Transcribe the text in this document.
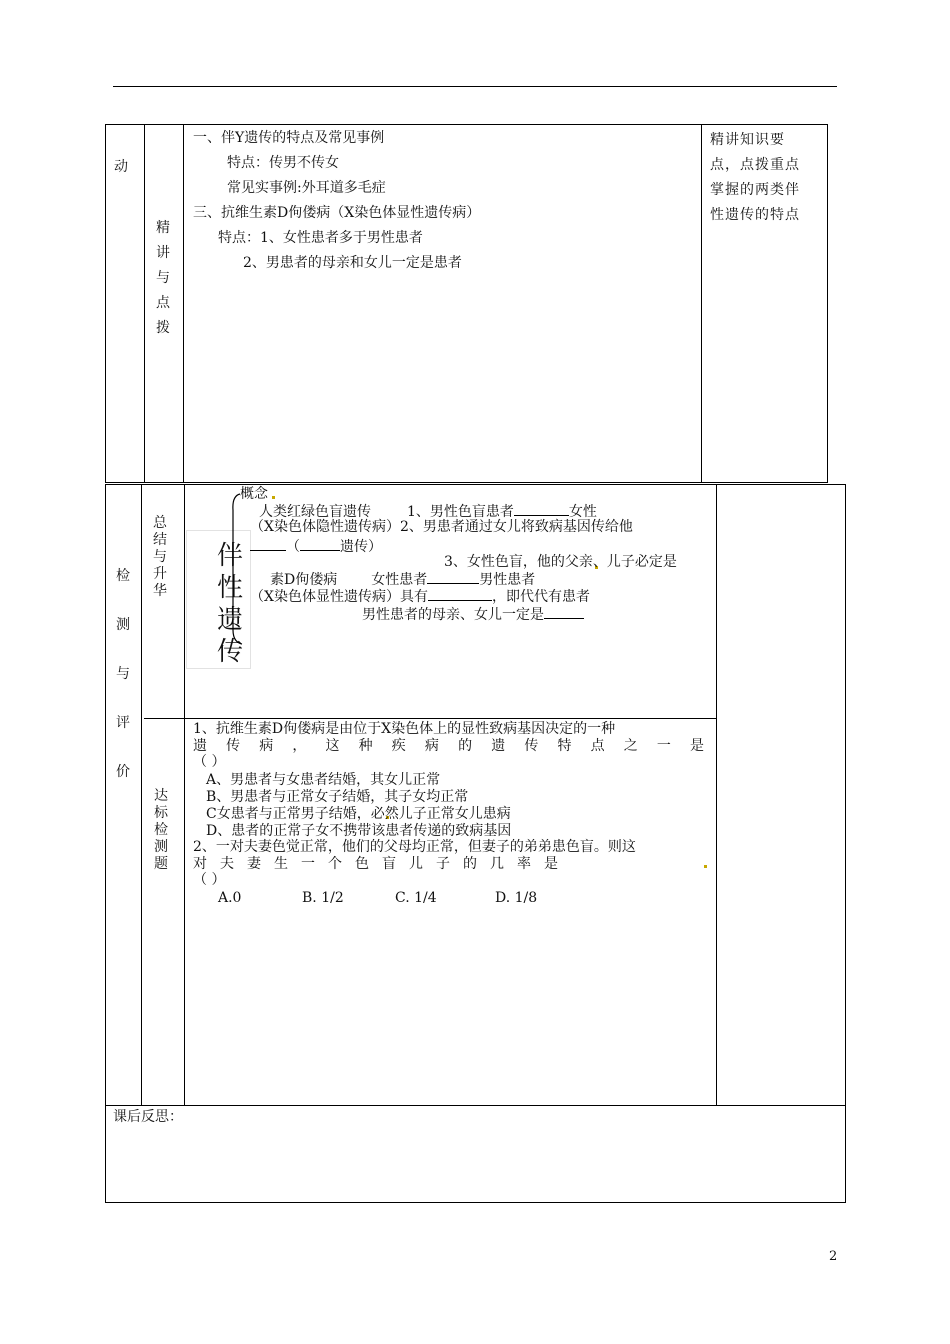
动
精
讲
与
点
拨
一、伴Y遗传的特点及常见事例
特点：传男不传女
常见实事例:外耳道多毛症
三、抗维生素D佝偻病（X染色体显性遗传病）
特点：1、女性患者多于男性患者
2、男患者的母亲和女儿一定是患者
精讲知识要
点，点拨重点
掌握的两类伴
性遗传的特点
检
测
与
评
价
总
结
与
升
华
伴
性
遗
传
概念
人类红绿色盲遗传	1、男性色盲患者	女性
（X染色体隐性遗传病）2、男患者通过女儿将致病基因传给他
（	遗传）
3、女性色盲，他的父亲、儿子必定是
素D佝偻病 女性患者	男性患者
（X染色体显性遗传病）具有	，即代代有患者
男性患者的母亲、女儿一定是
达
标
检
测
题
1、抗维生素D佝偻病是由位于X染色体上的显性致病基因决定的一种
遗传病，这种疾病的遗传特点之一是
（ ）
A、男患者与女患者结婚，其女儿正常
B、男患者与正常女子结婚，其子女均正常
C女患者与正常男子结婚，必然儿子正常女儿患病
D、患者的正常子女不携带该患者传递的致病基因
2、一对夫妻色觉正常，他们的父母均正常，但妻子的弟弟患色盲。则这
对夫妻生一个色盲儿子的几率是
（ ）
A.0	B. 1/2	C. 1/4	D. 1/8
课后反思：
2
